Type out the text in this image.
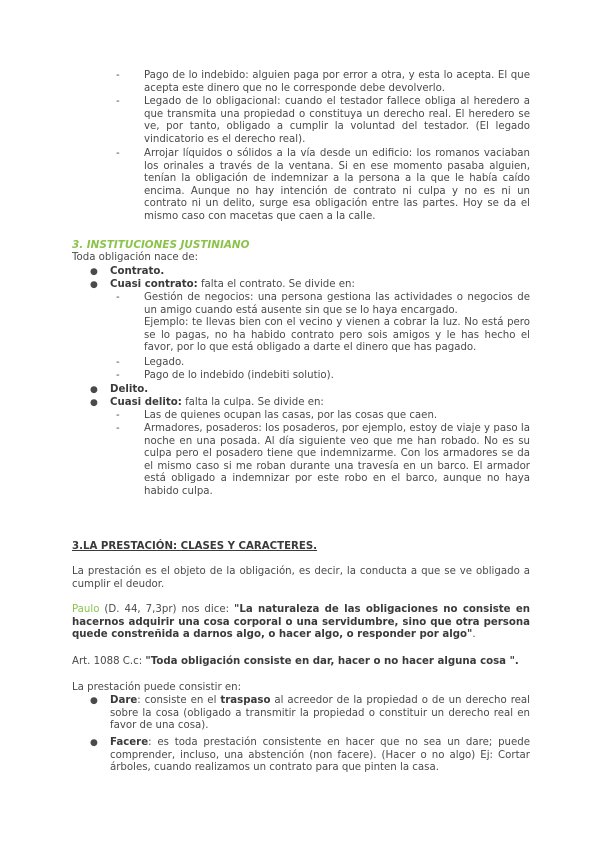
-	Pago de lo indebido: alguien paga por error a otra, y esta lo acepta. El que acepta este dinero que no le corresponde debe devolverlo.
-	Legado de lo obligacional: cuando el testador fallece obliga al heredero a que transmita una propiedad o constituya un derecho real. El heredero se ve, por tanto, obligado a cumplir la voluntad del testador. (El legado vindicatorio es el derecho real).
-	Arrojar líquidos o sólidos a la vía desde un edificio: los romanos vaciaban los orinales a través de la ventana. Si en ese momento pasaba alguien, tenían la obligación de indemnizar a la persona a la que le había caído encima. Aunque no hay intención de contrato ni culpa y no es ni un contrato ni un delito, surge esa obligación entre las partes. Hoy se da el mismo caso con macetas que caen a la calle.
3. INSTITUCIONES JUSTINIANO
Toda obligación nace de:
● Contrato.
● Cuasi contrato: falta el contrato. Se divide en:
-	Gestión de negocios: una persona gestiona las actividades o negocios de un amigo cuando está ausente sin que se lo haya encargado.
Ejemplo: te llevas bien con el vecino y vienen a cobrar la luz. No está pero se lo pagas, no ha habido contrato pero sois amigos y le has hecho el favor, por lo que está obligado a darte el dinero que has pagado.
-	Legado.
-	Pago de lo indebido (indebiti solutio).
● Delito.
● Cuasi delito: falta la culpa. Se divide en:
-	Las de quienes ocupan las casas, por las cosas que caen.
-	Armadores, posaderos: los posaderos, por ejemplo, estoy de viaje y paso la noche en una posada. Al día siguiente veo que me han robado. No es su culpa pero el posadero tiene que indemnizarme. Con los armadores se da el mismo caso si me roban durante una travesía en un barco. El armador está obligado a indemnizar por este robo en el barco, aunque no haya habido culpa.
3.LA PRESTACIÓN: CLASES Y CARACTERES.
La prestación es el objeto de la obligación, es decir, la conducta a que se ve obligado a cumplir el deudor.
Paulo (D. 44, 7,3pr) nos dice: "La naturaleza de las obligaciones no consiste en hacernos adquirir una cosa corporal o una servidumbre, sino que otra persona quede constreñida a darnos algo, o hacer algo, o responder por algo".
Art. 1088 C.c: "Toda obligación consiste en dar, hacer o no hacer alguna cosa ".
La prestación puede consistir en:
● Dare: consiste en el traspaso al acreedor de la propiedad o de un derecho real sobre la cosa (obligado a transmitir la propiedad o constituir un derecho real en favor de una cosa).
● Facere: es toda prestación consistente en hacer que no sea un dare; puede comprender, incluso, una abstención (non facere). (Hacer o no algo) Ej: Cortar árboles, cuando realizamos un contrato para que pinten la casa.
